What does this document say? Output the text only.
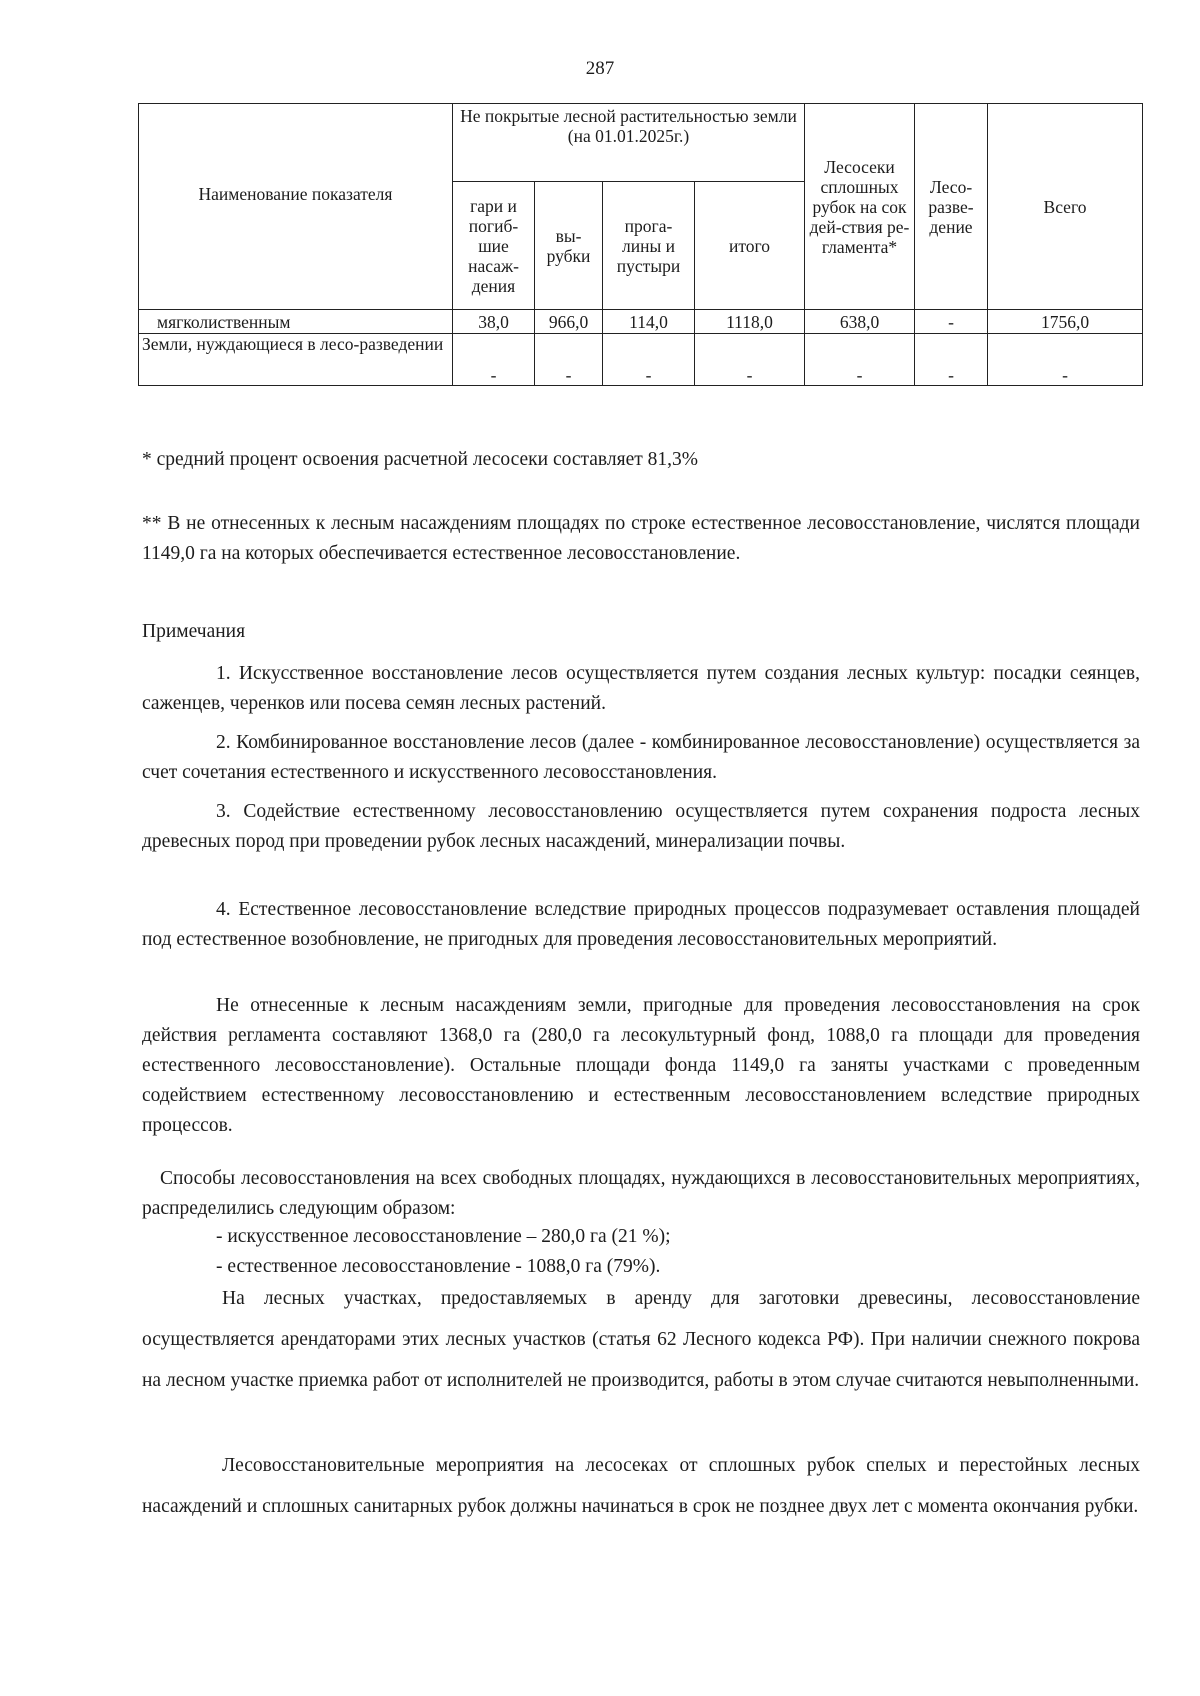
287
Наименование показателя	Не покрытые лесной растительностью земли (на 01.01.2025г.)				Лесосеки сплошных рубок на сок дей-ствия ре-гламента*	Лесо-разве-дение	Всего
	гари и погиб-шие насаж-дения	вы-рубки	прога-лины и пустыри	итого			
мягколиственным	38,0	966,0	114,0	1118,0	638,0	-	1756,0
Земли, нуждающиеся в лесо-разведении	-	-	-	-	-	-	-

* средний процент освоения расчетной лесосеки составляет 81,3%

** В не отнесенных к лесным насаждениям площадях по строке естественное лесовосстановление, числятся площади 1149,0 га на которых обеспечивается естественное лесовосстановление.

Примечания

1. Искусственное восстановление лесов осуществляется путем создания лесных культур: посадки сеянцев, саженцев, черенков или посева семян лесных растений.

2. Комбинированное восстановление лесов (далее - комбинированное лесовосстановление) осуществляется за счет сочетания естественного и искусственного лесовосстановления.

3. Содействие естественному лесовосстановлению осуществляется путем сохранения подроста лесных древесных пород при проведении рубок лесных насаждений, минерализации почвы.

4. Естественное лесовосстановление вследствие природных процессов подразумевает оставления площадей под естественное возобновление, не пригодных для проведения лесовосстановительных мероприятий.

Не отнесенные к лесным насаждениям земли, пригодные для проведения лесовосстановления на срок действия регламента составляют 1368,0 га (280,0 га лесокультурный фонд, 1088,0 га площади для проведения естественного лесовосстановление). Остальные площади фонда 1149,0 га заняты участками с проведенным содействием естественному лесовосстановлению и естественным лесовосстановлением вследствие природных процессов.

Способы лесовосстановления на всех свободных площадях, нуждающихся в лесовосстановительных мероприятиях, распределились следующим образом:

- искусственное лесовосстановление – 280,0 га (21 %);

- естественное лесовосстановление - 1088,0 га (79%).

На лесных участках, предоставляемых в аренду для заготовки древесины, лесовосстановление осуществляется арендаторами этих лесных участков (статья 62 Лесного кодекса РФ). При наличии снежного покрова на лесном участке приемка работ от исполнителей не производится, работы в этом случае считаются невыполненными.

Лесовосстановительные мероприятия на лесосеках от сплошных рубок спелых и перестойных лесных насаждений и сплошных санитарных рубок должны начинаться в срок не позднее двух лет с момента окончания рубки.
